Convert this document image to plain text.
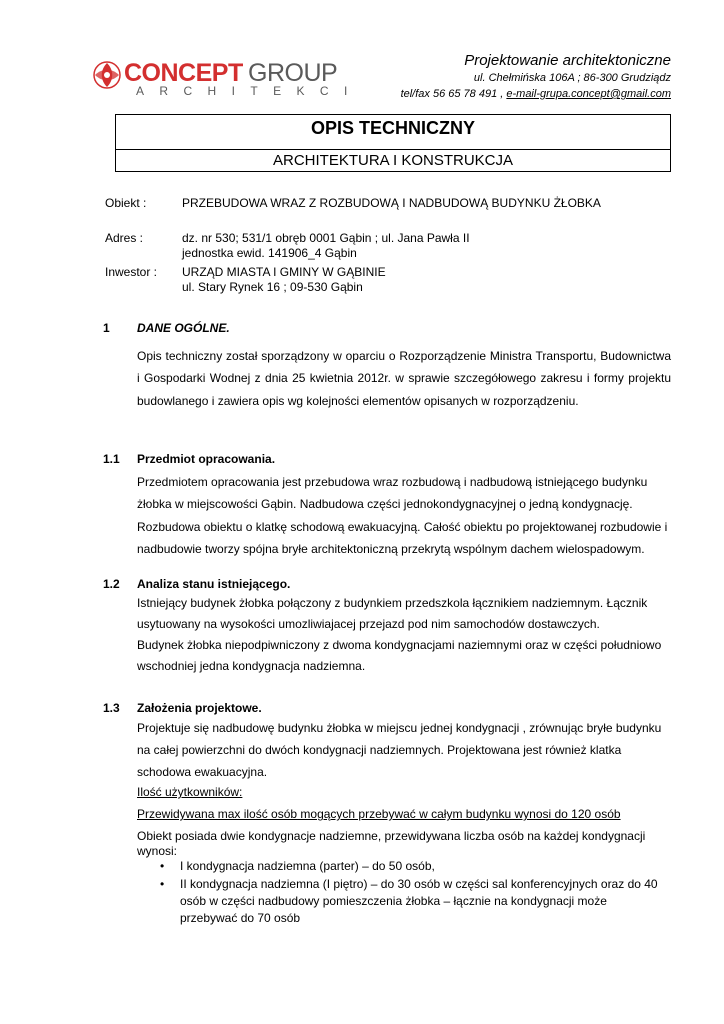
CONCEPT GROUP
ARCHITEKCI
Projektowanie architektoniczne
ul. Chełmińska 106A ; 86-300 Grudziądz
tel/fax 56 65 78 491 , e-mail-grupa.concept@gmail.com
OPIS TECHNICZNY
ARCHITEKTURA I KONSTRUKCJA
Obiekt :	PRZEBUDOWA WRAZ Z ROZBUDOWĄ I NADBUDOWĄ BUDYNKU ŻŁOBKA
Adres :	dz. nr 530; 531/1 obręb 0001 Gąbin ; ul. Jana Pawła II
jednostka ewid. 141906_4 Gąbin
Inwestor : URZĄD MIASTA I GMINY W GĄBINIE
ul. Stary Rynek 16 ; 09-530 Gąbin
1 DANE OGÓLNE.
Opis techniczny został sporządzony w oparciu o Rozporządzenie Ministra Transportu, Budownictwa i Gospodarki Wodnej z dnia 25 kwietnia 2012r. w sprawie szczegółowego zakresu i formy projektu budowlanego i zawiera opis wg kolejności elementów opisanych w rozporządzeniu.
1.1 Przedmiot opracowania.
Przedmiotem opracowania jest przebudowa wraz rozbudową i nadbudową istniejącego budynku żłobka w miejscowości Gąbin. Nadbudowa części jednokondygnacyjnej o jedną kondygnację. Rozbudowa obiektu o klatkę schodową ewakuacyjną. Całość obiektu po projektowanej rozbudowie i nadbudowie tworzy spójna bryłe architektoniczną przekrytą wspólnym dachem wielospadowym.
1.2 Analiza stanu istniejącego.
Istniejący budynek żłobka połączony z budynkiem przedszkola łącznikiem nadziemnym. Łącznik
usytuowany na wysokości umozliwiajacej przejazd pod nim samochodów dostawczych.
Budynek żłobka niepodpiwniczony z dwoma kondygnacjami naziemnymi oraz w części południowo
wschodniej jedna kondygnacja nadziemna.
1.3 Założenia projektowe.
Projektuje się nadbudowę budynku żłobka w miejscu jednej kondygnacji , zrównując bryłe budynku
na całej powierzchni do dwóch kondygnacji nadziemnych. Projektowana jest również klatka
schodowa ewakuacyjna.
Ilość użytkowników:
Przewidywana max ilość osób mogących przebywać w całym budynku wynosi do 120 osób
Obiekt posiada dwie kondygnacje nadziemne, przewidywana liczba osób na każdej kondygnacji
wynosi:
• I kondygnacja nadziemna (parter) – do 50 osób,
• II kondygnacja nadziemna (I piętro) – do 30 osób w części sal konferencyjnych oraz do 40
osób w części nadbudowy pomieszczenia żłobka – łącznie na kondygnacji może
przebywać do 70 osób
